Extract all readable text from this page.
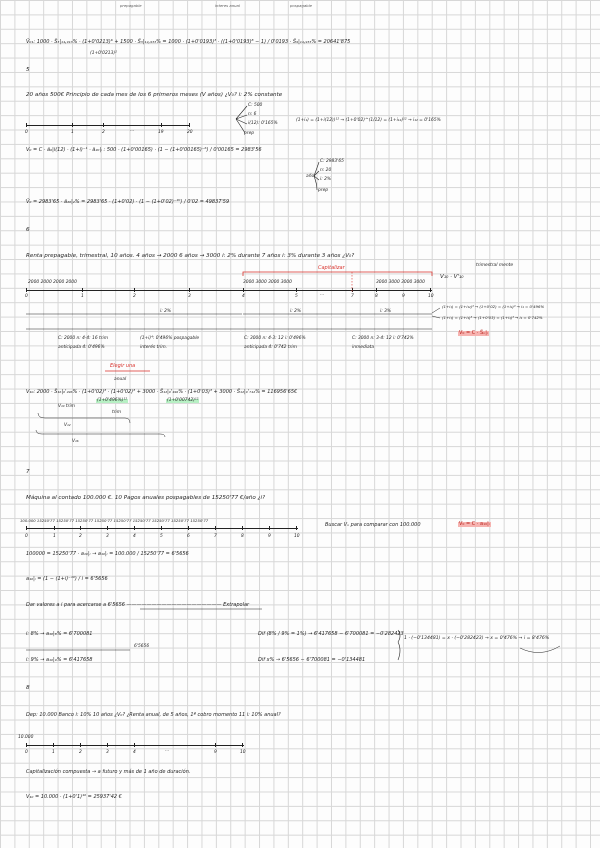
prepagable	interes anual	pospagable
V̂₀₁: 1000 · S̈₃|₁₄,₉₁₃% · (1+0'0213)⁶ + 1500 · S̈₃|₁₄,₉₃₃% = 1000 · (1+0'0193)³ · ((1+0'0193)⁸ − 1) / 0'0193 · S̈₉|₁₄,₉₃₃% = 20641'875
(1+0'0213)²
5
20 años 500€ Principio de cada mes de los 6 primeros meses (V años) ¿V₀? i: 2% constante
0	1	2	…	19	20
C: 500
n: 6
i(12): 0'165%
prep
(1+i₁) = (1+i(12))¹² → (1+0'02)^(1/12) = (1+i₁₂)¹² → i₁₂ = 0'165%
V₀ = C · ä₆|i(12) · (1+i)⁻¹ · ä₂₀|ᵢ : 500 · (1+0'00165) · (1 − (1+0'00165)⁻⁶) / 0'00165 = 2983'56
año
C: 2983'65
n: 20
i: 2%
prep
V̂₀ = 2983'65 · ä₂₀|₂% = 2983'65 · (1+0'02) · (1 − (1+0'02)⁻²⁰) / 0'02 = 49837'59
6
Renta prepagable, trimestral, 10 años. 4 años → 2000 6 años → 3000 i: 2% durante 7 años i: 3% durante 3 años ¿V₀?
trimestral mente
Capitalizar
V₁₀ · V'₁₀
2000 2000 2000 2000	3000 3000 3000 3000	3000 3000 3000 3000
0	1	2	3	4	5	…	7	8	9	10
i: 2%	i: 2%	i: 3%
(1+i₁) = (1+i₁₂)⁴ → (1+0'02) = (1+i₄)⁴ → i₄ = 0'496%
(1+i₁) = (1+i₄)⁴ → (1+0'03) = (1+i₄)⁴ → i₄ = 0'742%
V₀ = C · S̈ₙ|ᵢ
C: 2000 n: 4·4: 16 trim
anticipada 4: 0'496%
(1+i)⁴: 0'496% pospagable
interés trim.
C: 3000 n: 4·3: 12 i: 0'496%
anticipada 4: 0'742 trim
C: 3000 n: 3·4: 12 i: 0'742%
inmediata
Elegir una
anual
V₁₀: 2000 · S̈₁₆|₀'₄₉₆% · (1+0'02)³ · (1+0'02)³ + 3000 · S̈₁₂|₀'₄₉₆% · (1+0'03)³ + 3000 · S̈₁₂|₀'₇₄₂% = 116956'65€
(1+0'496%)¹²	(1+0'00742)¹²
trim
V₁₀ trim
V₁₂
V₁₆
7
Máquina al contado 100.000 €. 10 Pagos anuales pospagables de 15250'77 €/año ¿i?
100.000 15250'77 15250'77 15250'77 15250'77 15250'77 15250'77 15250'77 15250'77 15250'77
0	1	2	3	4	5	6	7	8	9	10
Buscar Vₙ para comparar con 100.000	V₀ = C · a₁₀|ᵢ
100000 = 15250'77 · a₁₀|ᵢ → a₁₀|ᵢ = 100.000 / 15250'77 = 6'5656
a₁₀|ᵢ = (1 − (1+i)⁻¹⁰) / i = 6'5656
Dar valores a i para acercarse a 6'5656 ——————————————————— Extrapolar
i: 8% → a₁₀|₈% = 6'700081
6'5656
i: 9% → a₁₀|₉% = 6'417658
Dif (8% / 9% = 1%) → 6'417658 − 6'700081 = −0'282423
Dif x% → 6'5656 − 6'700081 = −0'134481
1 · (−0'134481) = x · (−0'282423) → x = 0'476% → i = 8'476%
8
Dep: 10.000 Banco i: 10% 10 años ¿V₀? ¿Renta anual, de 5 años, 1ª cobro momento 11 i: 10% anual?
10.000
0	1	2	3	4	…	9	10
Capitalización compuesta → a futuro y más de 1 año de duración.
V₁₀ = 10.000 · (1+0'1)¹⁰ = 25937'42 €
